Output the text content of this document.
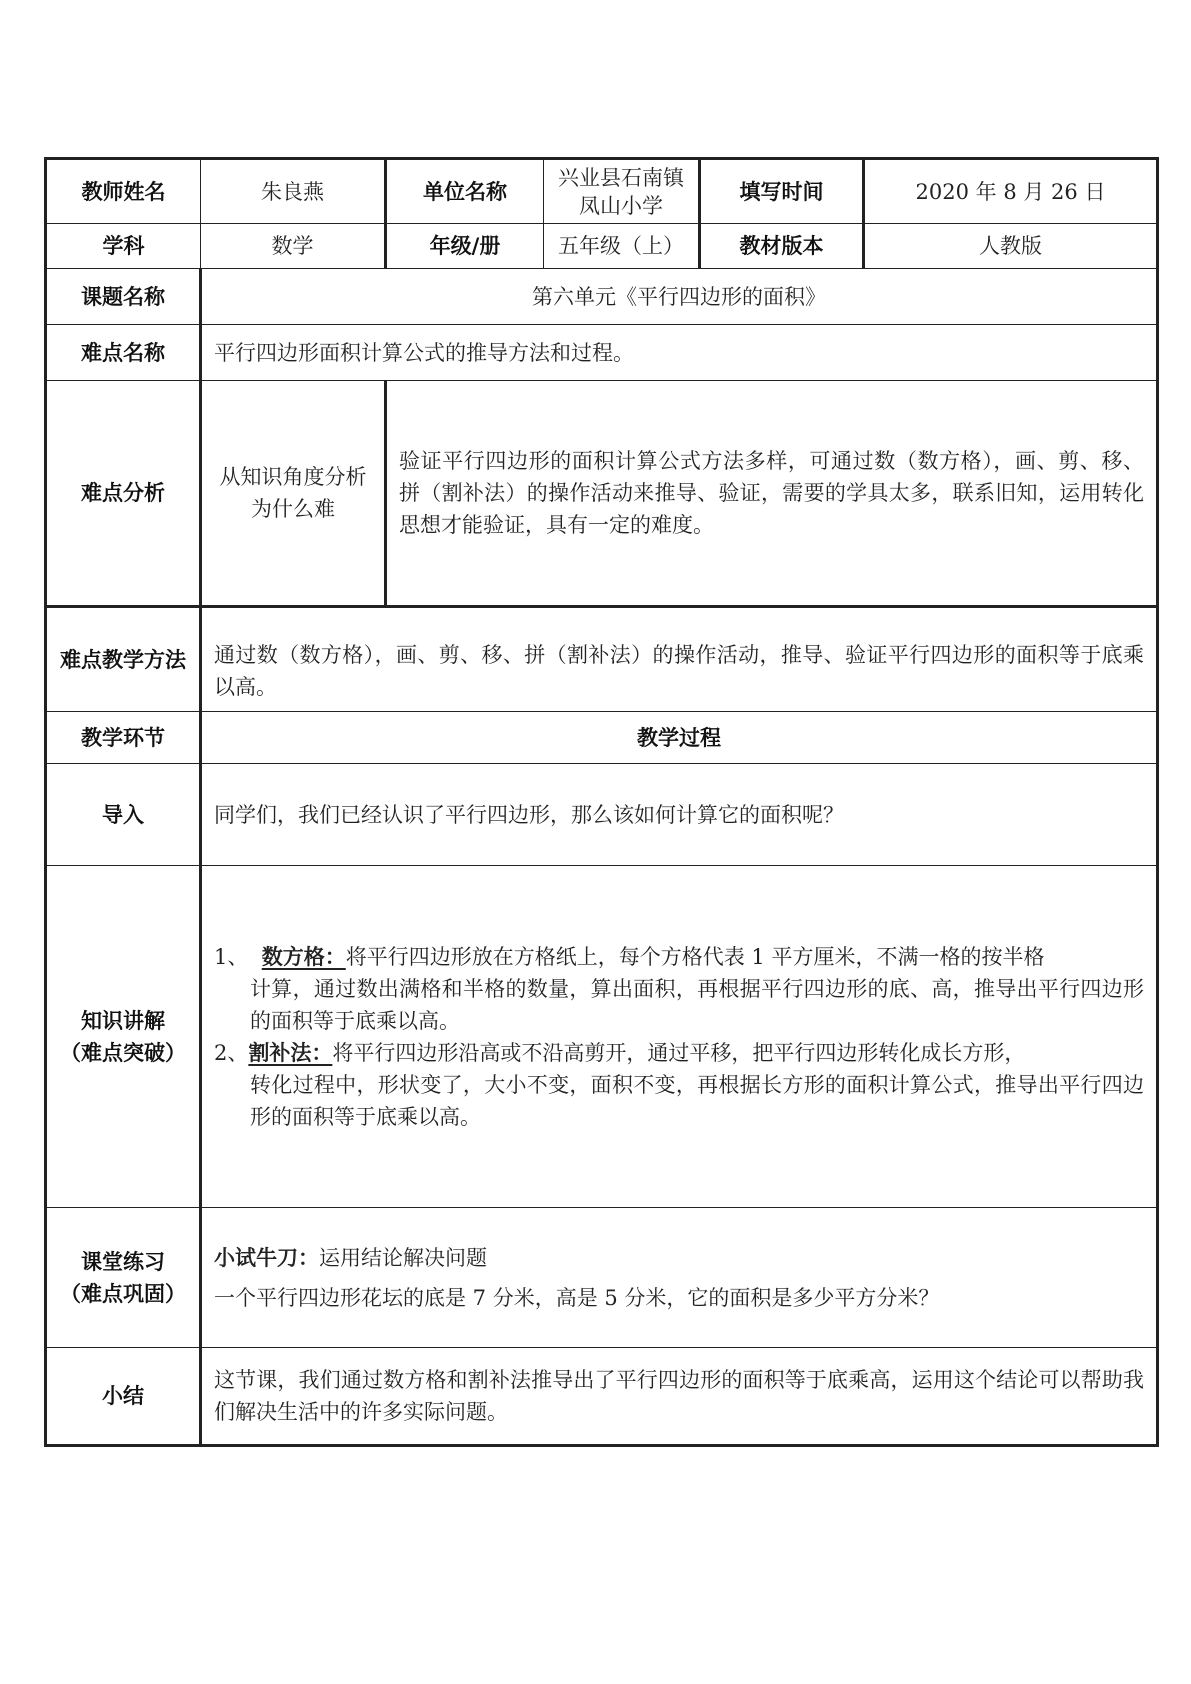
教师姓名	朱良燕	单位名称	兴业县石南镇凤山小学	填写时间	2020 年 8 月 26 日
学科	数学	年级/册	五年级（上）	教材版本	人教版
课题名称	第六单元《平行四边形的面积》				
难点名称	平行四边形面积计算公式的推导方法和过程。				
难点分析	从知识角度分析为什么难	验证平行四边形的面积计算公式方法多样，可通过数（数方格），画、剪、移、拼（割补法）的操作活动来推导、验证，需要的学具太多，联系旧知，运用转化思想才能验证，具有一定的难度。			
难点教学方法	通过数（数方格），画、剪、移、拼（割补法）的操作活动，推导、验证平行四边形的面积等于底乘以高。				
教学环节	教学过程				
导入	同学们，我们已经认识了平行四边形，那么该如何计算它的面积呢？				
知识讲解
（难点突破）	1、 数方格：将平行四边形放在方格纸上，每个方格代表 1 平方厘米，不满一格的按半格
计算，通过数出满格和半格的数量，算出面积，再根据平行四边形的底、高，推导出平行四边形的面积等于底乘以高。
2、割补法：将平行四边形沿高或不沿高剪开，通过平移，把平行四边形转化成长方形，
转化过程中，形状变了，大小不变，面积不变，再根据长方形的面积计算公式，推导出平行四边形的面积等于底乘以高。				

课堂练习
（难点巩固）	小试牛刀：运用结论解决问题
一个平行四边形花坛的底是 7 分米，高是 5 分米，它的面积是多少平方分米？				
小结	这节课，我们通过数方格和割补法推导出了平行四边形的面积等于底乘高，运用这个结论可以帮助我们解决生活中的许多实际问题。				
